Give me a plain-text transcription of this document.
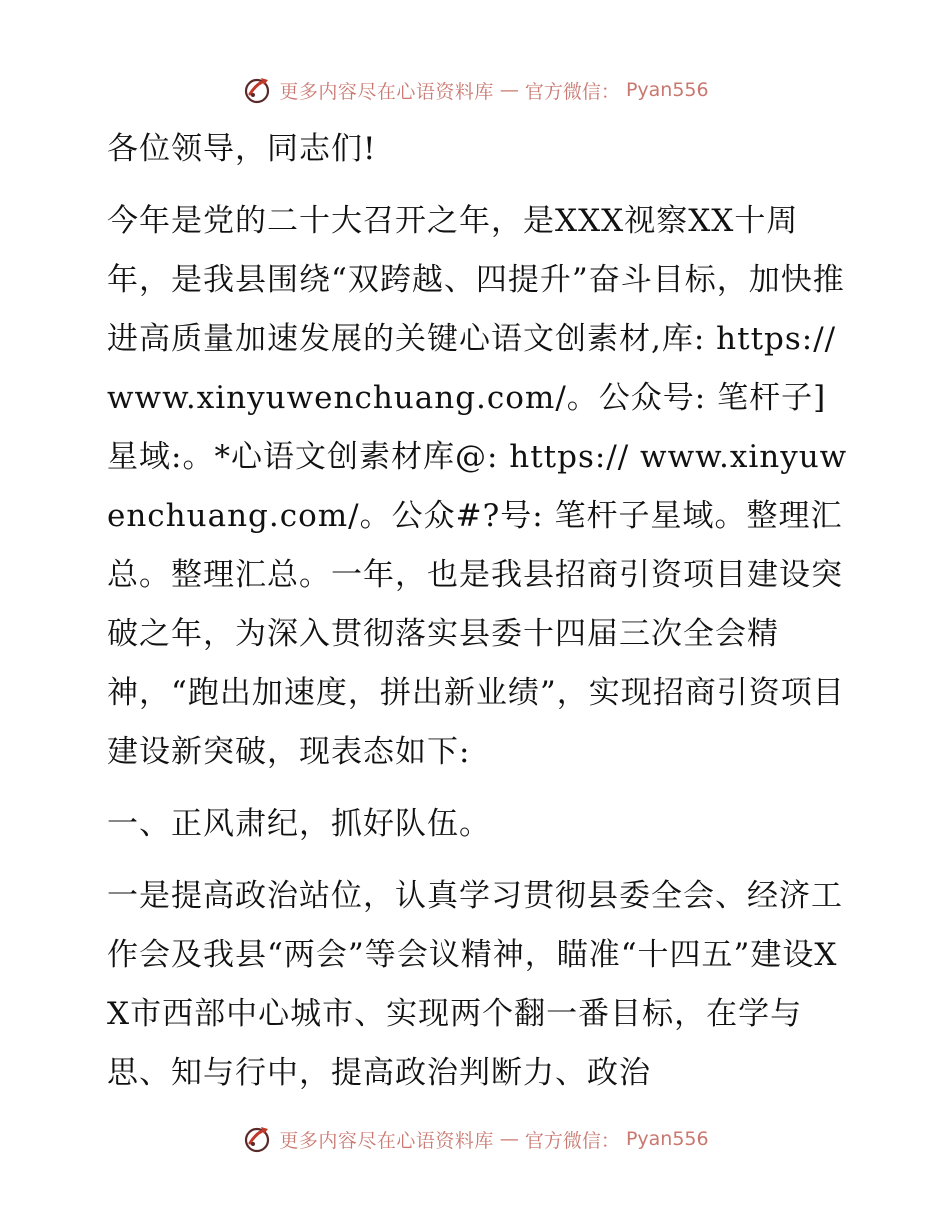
更多内容尽在心语资料库 — 官方微信： Pyan556

各位领导，同志们!

今年是党的二十大召开之年，是XXX视察XX十周年，是我县围绕“双跨越、四提升”奋斗目标，加快推进高质量加速发展的关键心语文创素材,库: https://www.xinyuwenchuang.com/。公众号: 笔杆子]星域:。*心语文创素材库@: https:// www.xinyuwenchuang.com/。公众#?号: 笔杆子星域。整理汇总。整理汇总。一年，也是我县招商引资项目建设突破之年，为深入贯彻落实县委十四届三次全会精神，“跑出加速度，拼出新业绩”，实现招商引资项目建设新突破，现表态如下:

一、正风肃纪，抓好队伍。

一是提高政治站位，认真学习贯彻县委全会、经济工作会及我县“两会”等会议精神，瞄准“十四五”建设XX市西部中心城市、实现两个翻一番目标，在学与思、知与行中，提高政治判断力、政治

更多内容尽在心语资料库 — 官方微信： Pyan556
